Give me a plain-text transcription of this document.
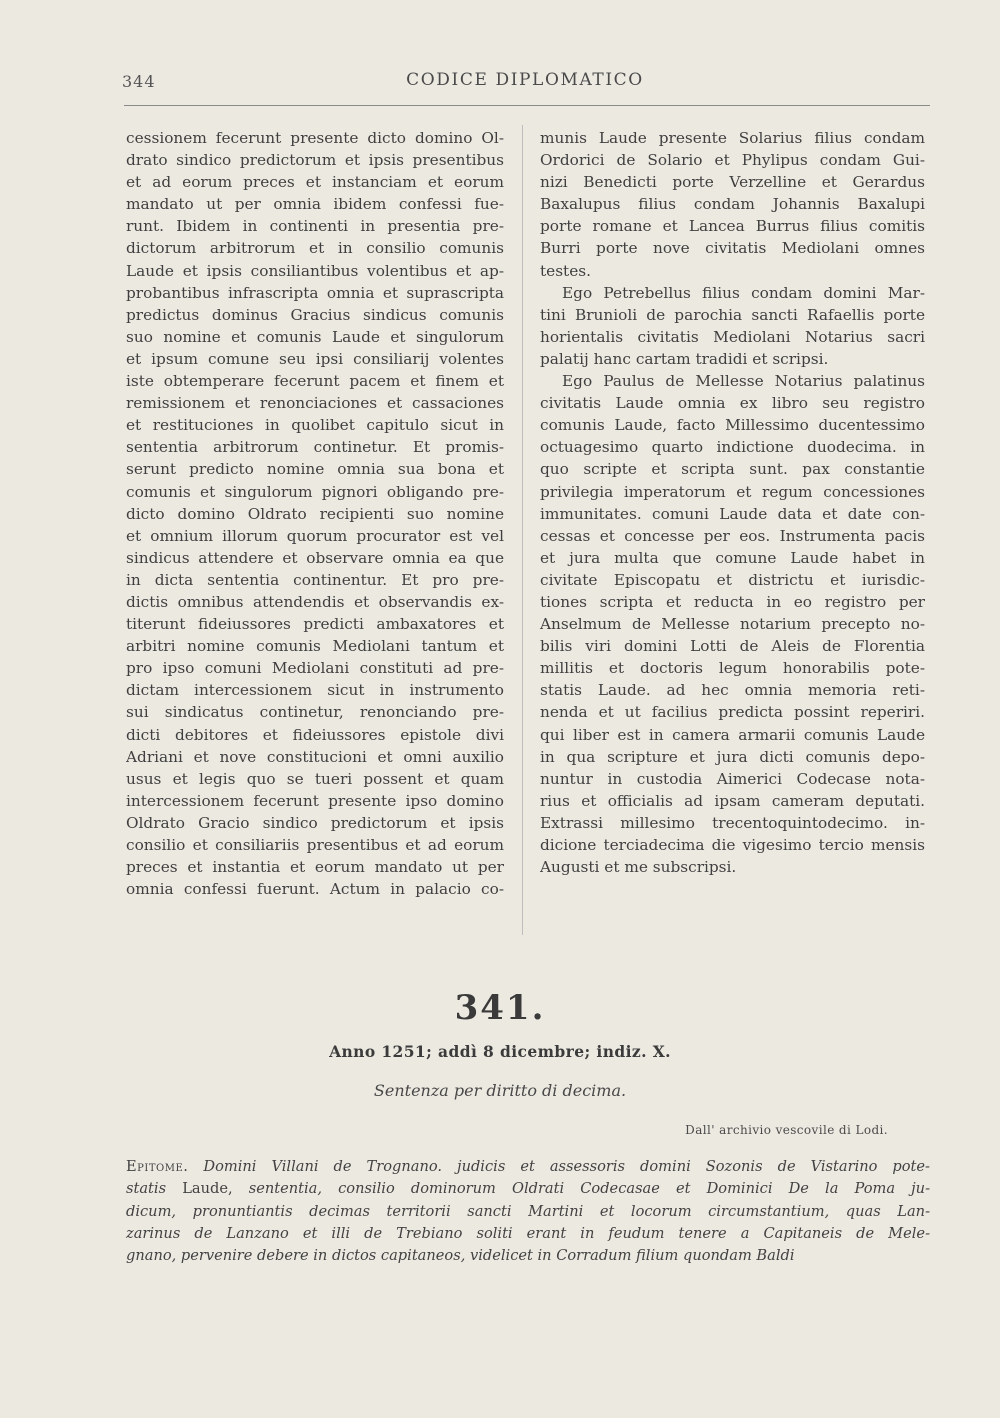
344	CODICE DIPLOMATICO
cessionem fecerunt presente dicto domino Ol-
drato sindico predictorum et ipsis presentibus
et ad eorum preces et instanciam et eorum
mandato ut per omnia ibidem confessi fue-
runt. Ibidem in continenti in presentia pre-
dictorum arbitrorum et in consilio comunis
Laude et ipsis consiliantibus volentibus et ap-
probantibus infrascripta omnia et suprascripta
predictus dominus Gracius sindicus comunis
suo nomine et comunis Laude et singulorum
et ipsum comune seu ipsi consiliarij volentes
iste obtemperare fecerunt pacem et finem et
remissionem et renonciaciones et cassaciones
et restituciones in quolibet capitulo sicut in
sententia arbitrorum continetur. Et promis-
serunt predicto nomine omnia sua bona et
comunis et singulorum pignori obligando pre-
dicto domino Oldrato recipienti suo nomine
et omnium illorum quorum procurator est vel
sindicus attendere et observare omnia ea que
in dicta sententia continentur. Et pro pre-
dictis omnibus attendendis et observandis ex-
titerunt fideiussores predicti ambaxatores et
arbitri nomine comunis Mediolani tantum et
pro ipso comuni Mediolani constituti ad pre-
dictam intercessionem sicut in instrumento
sui sindicatus continetur, renonciando pre-
dicti debitores et fideiussores epistole divi
Adriani et nove constitucioni et omni auxilio
usus et legis quo se tueri possent et quam
intercessionem fecerunt presente ipso domino
Oldrato Gracio sindico predictorum et ipsis
consilio et consiliariis presentibus et ad eorum
preces et instantia et eorum mandato ut per
omnia confessi fuerunt. Actum in palacio co-
munis Laude presente Solarius filius condam
Ordorici de Solario et Phylipus condam Gui-
nizi Benedicti porte Verzelline et Gerardus
Baxalupus filius condam Johannis Baxalupi
porte romane et Lancea Burrus filius comitis
Burri porte nove civitatis Mediolani omnes
testes.
Ego Petrebellus filius condam domini Mar-
tini Brunioli de parochia sancti Rafaellis porte
horientalis civitatis Mediolani Notarius sacri
palatij hanc cartam tradidi et scripsi.
Ego Paulus de Mellesse Notarius palatinus
civitatis Laude omnia ex libro seu registro
comunis Laude, facto Millessimo ducentessimo
octuagesimo quarto indictione duodecima. in
quo scripte et scripta sunt. pax constantie
privilegia imperatorum et regum concessiones
immunitates. comuni Laude data et date con-
cessas et concesse per eos. Instrumenta pacis
et jura multa que comune Laude habet in
civitate Episcopatu et districtu et iurisdic-
tiones scripta et reducta in eo registro per
Anselmum de Mellesse notarium precepto no-
bilis viri domini Lotti de Aleis de Florentia
millitis et doctoris legum honorabilis pote-
statis Laude. ad hec omnia memoria reti-
nenda et ut facilius predicta possint reperiri.
qui liber est in camera armarii comunis Laude
in qua scripture et jura dicti comunis depo-
nuntur in custodia Aimerici Codecase nota-
rius et officialis ad ipsam cameram deputati.
Extrassi millesimo trecentoquintodecimo. in-
dicione terciadecima die vigesimo tercio mensis
Augusti et me subscripsi.
341.
Anno 1251; addì 8 dicembre; indiz. X.
Sentenza per diritto di decima.
Dall' archivio vescovile di Lodi.
Epitome. Domini Villani de Trognano. judicis et assessoris domini Sozonis de Vistarino pote-
statis Laude, sententia, consilio dominorum Oldrati Codecasae et Dominici De la Poma ju-
dicum, pronuntiantis decimas territorii sancti Martini et locorum circumstantium, quas Lan-
zarinus de Lanzano et illi de Trebiano soliti erant in feudum tenere a Capitaneis de Mele-
gnano, pervenire debere in dictos capitaneos, videlicet in Corradum filium quondam Baldi
